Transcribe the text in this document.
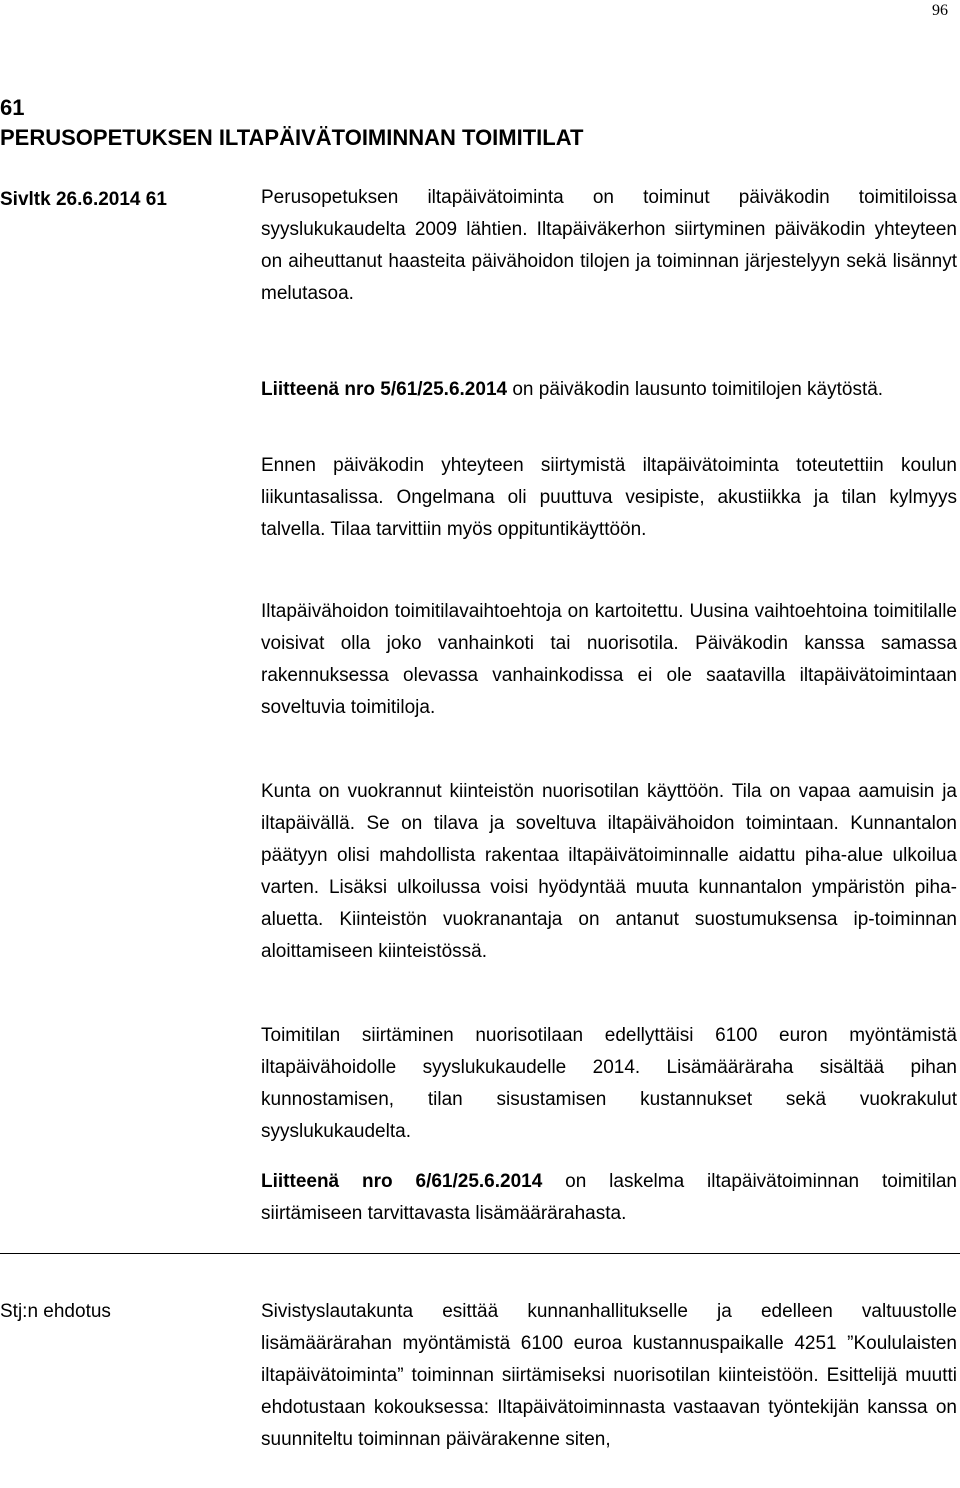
96
61
PERUSOPETUKSEN ILTAPÄIVÄTOIMINNAN TOIMITILAT
Sivltk 26.6.2014 61	Perusopetuksen iltapäivätoiminta on toiminut päiväkodin toimitiloissa syyslukukaudelta 2009 lähtien. Iltapäiväkerhon siirtyminen päiväkodin yhteyteen on aiheuttanut haasteita päivähoidon tilojen ja toiminnan järjestelyyn sekä lisännyt melutasoa.

Liitteenä nro 5/61/25.6.2014 on päiväkodin lausunto toimitilojen käytöstä.

Ennen päiväkodin yhteyteen siirtymistä iltapäivätoiminta toteutettiin koulun liikuntasalissa. Ongelmana oli puuttuva vesipiste, akustiikka ja tilan kylmyys talvella. Tilaa tarvittiin myös oppituntikäyttöön.

Iltapäivähoidon toimitilavaihtoehtoja on kartoitettu. Uusina vaihtoehtoina toimitilalle voisivat olla joko vanhainkoti tai nuorisotila. Päiväkodin kanssa samassa rakennuksessa olevassa vanhainkodissa ei ole saatavilla iltapäivätoimintaan soveltuvia toimitiloja.

Kunta on vuokrannut kiinteistön nuorisotilan käyttöön. Tila on vapaa aamuisin ja iltapäivällä. Se on tilava ja soveltuva iltapäivähoidon toimintaan. Kunnantalon päätyyn olisi mahdollista rakentaa iltapäivätoiminnalle aidattu piha-alue ulkoilua varten. Lisäksi ulkoilussa voisi hyödyntää muuta kunnantalon ympäristön piha-aluetta. Kiinteistön vuokranantaja on antanut suostumuksensa ip-toiminnan aloittamiseen kiinteistössä.

Toimitilan siirtäminen nuorisotilaan edellyttäisi 6100 euron myöntämistä iltapäivähoidolle syyslukukaudelle 2014. Lisämääräraha sisältää pihan kunnostamisen, tilan sisustamisen kustannukset sekä vuokrakulut syyslukukaudelta.

Liitteenä nro 6/61/25.6.2014 on laskelma iltapäivätoiminnan toimitilan siirtämiseen tarvittavasta lisämäärärahasta.

Stj:n ehdotus	Sivistyslautakunta esittää kunnanhallitukselle ja edelleen valtuustolle lisämäärärahan myöntämistä 6100 euroa kustannuspaikalle 4251 ”Koululaisten iltapäivätoiminta” toiminnan siirtämiseksi nuorisotilan kiinteistöön. Esittelijä muutti ehdotustaan kokouksessa: Iltapäivätoiminnasta vastaavan työntekijän kanssa on suunniteltu toiminnan päivärakenne siten,
